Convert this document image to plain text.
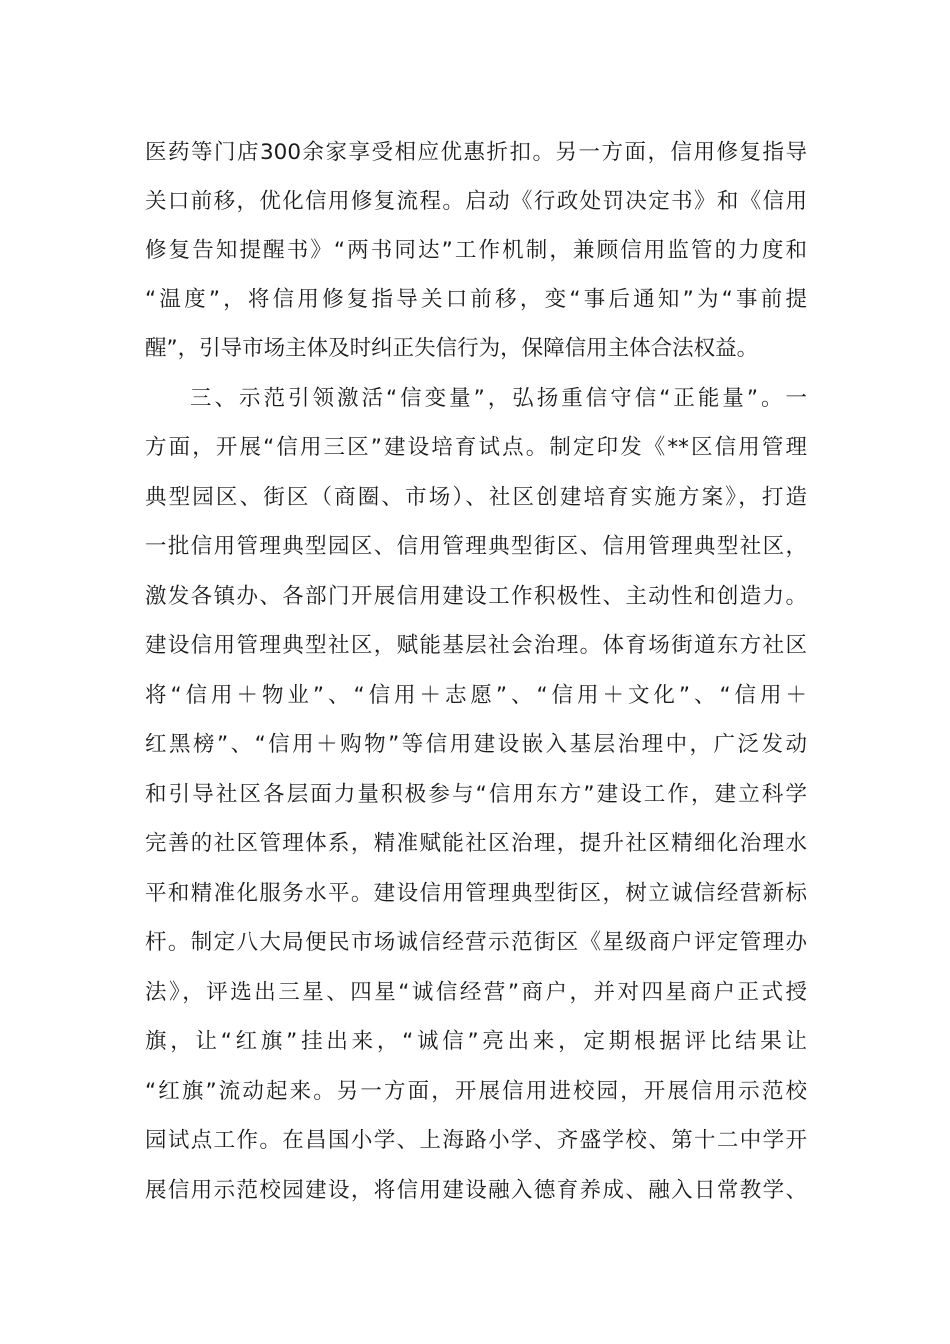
医药等门店300余家享受相应优惠折扣。另一方面，信用修复指导
关口前移，优化信用修复流程。启动《行政处罚决定书》和《信用
修复告知提醒书》“两书同达”工作机制，兼顾信用监管的力度和
“温度”，将信用修复指导关口前移，变“事后通知”为“事前提
醒”，引导市场主体及时纠正失信行为，保障信用主体合法权益。
三、示范引领激活“信变量”，弘扬重信守信“正能量”。一
方面，开展“信用三区”建设培育试点。制定印发《**区信用管理
典型园区、街区（商圈、市场）、社区创建培育实施方案》，打造
一批信用管理典型园区、信用管理典型街区、信用管理典型社区，
激发各镇办、各部门开展信用建设工作积极性、主动性和创造力。
建设信用管理典型社区，赋能基层社会治理。体育场街道东方社区
将“信用＋物业”、“信用＋志愿”、“信用＋文化”、“信用＋
红黑榜”、“信用＋购物”等信用建设嵌入基层治理中，广泛发动
和引导社区各层面力量积极参与“信用东方”建设工作，建立科学
完善的社区管理体系，精准赋能社区治理，提升社区精细化治理水
平和精准化服务水平。建设信用管理典型街区，树立诚信经营新标
杆。制定八大局便民市场诚信经营示范街区《星级商户评定管理办
法》，评选出三星、四星“诚信经营”商户，并对四星商户正式授
旗，让“红旗”挂出来，“诚信”亮出来，定期根据评比结果让
“红旗”流动起来。另一方面，开展信用进校园，开展信用示范校
园试点工作。在昌国小学、上海路小学、齐盛学校、第十二中学开
展信用示范校园建设，将信用建设融入德育养成、融入日常教学、
